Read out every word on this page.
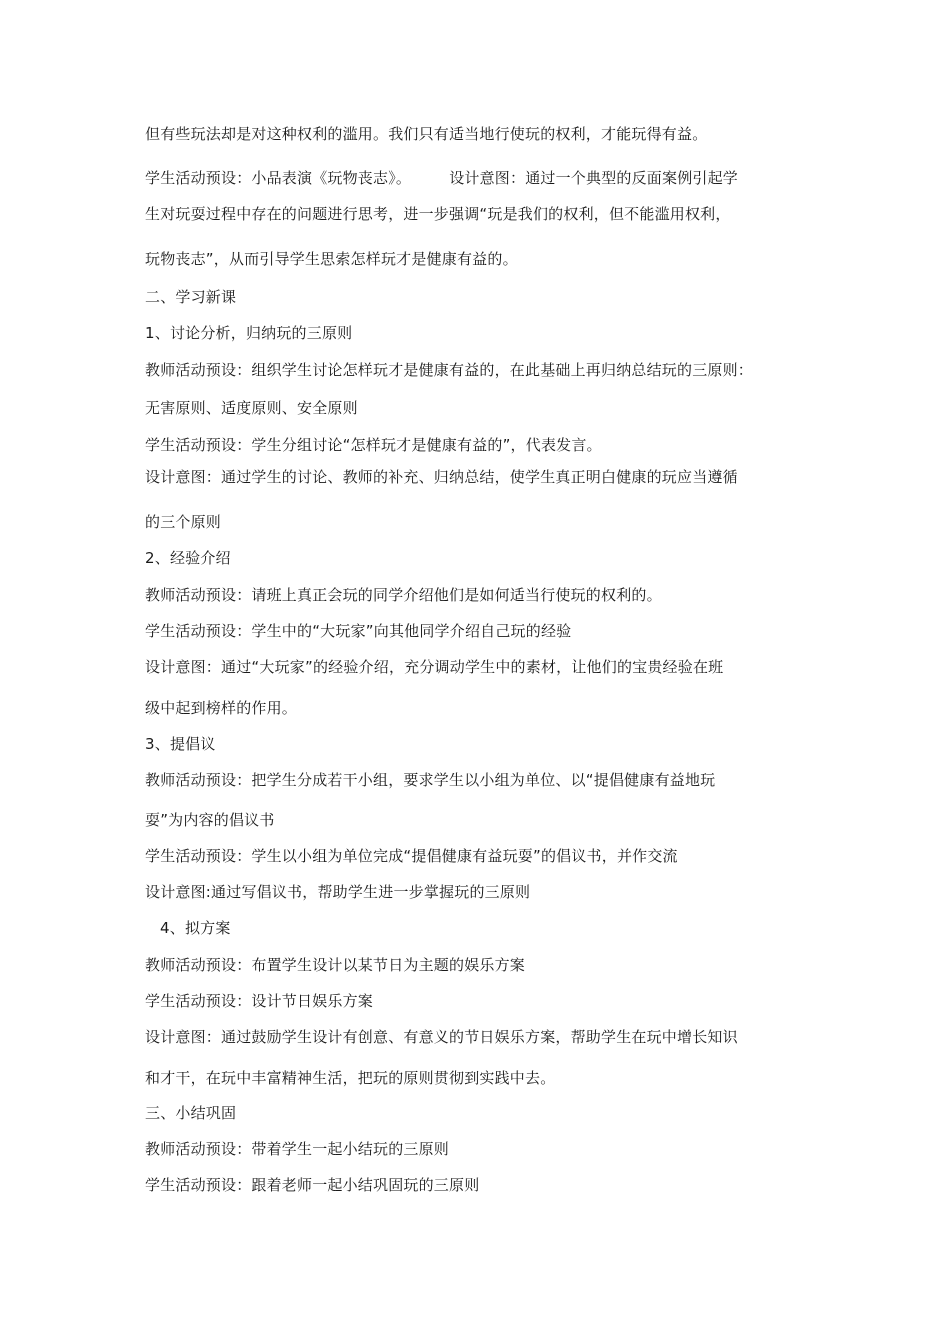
但有些玩法却是对这种权利的滥用。我们只有适当地行使玩的权利，才能玩得有益。
学生活动预设：小品表演《玩物丧志》。　　　设计意图：通过一个典型的反面案例引起学
生对玩耍过程中存在的问题进行思考，进一步强调“玩是我们的权利，但不能滥用权利，
玩物丧志”，从而引导学生思索怎样玩才是健康有益的。
二、学习新课
1、讨论分析，归纳玩的三原则
教师活动预设：组织学生讨论怎样玩才是健康有益的，在此基础上再归纳总结玩的三原则：
无害原则、适度原则、安全原则
学生活动预设：学生分组讨论“怎样玩才是健康有益的”，代表发言。
设计意图：通过学生的讨论、教师的补充、归纳总结，使学生真正明白健康的玩应当遵循
的三个原则
2、经验介绍
教师活动预设：请班上真正会玩的同学介绍他们是如何适当行使玩的权利的。
学生活动预设：学生中的“大玩家”向其他同学介绍自己玩的经验
设计意图：通过“大玩家”的经验介绍，充分调动学生中的素材，让他们的宝贵经验在班
级中起到榜样的作用。
3、提倡议
教师活动预设：把学生分成若干小组，要求学生以小组为单位、以“提倡健康有益地玩
耍”为内容的倡议书
学生活动预设：学生以小组为单位完成“提倡健康有益玩耍”的倡议书，并作交流
设计意图:通过写倡议书，帮助学生进一步掌握玩的三原则
4、拟方案
教师活动预设：布置学生设计以某节日为主题的娱乐方案
学生活动预设：设计节日娱乐方案
设计意图：通过鼓励学生设计有创意、有意义的节日娱乐方案，帮助学生在玩中增长知识
和才干，在玩中丰富精神生活，把玩的原则贯彻到实践中去。
三、小结巩固
教师活动预设：带着学生一起小结玩的三原则
学生活动预设：跟着老师一起小结巩固玩的三原则
